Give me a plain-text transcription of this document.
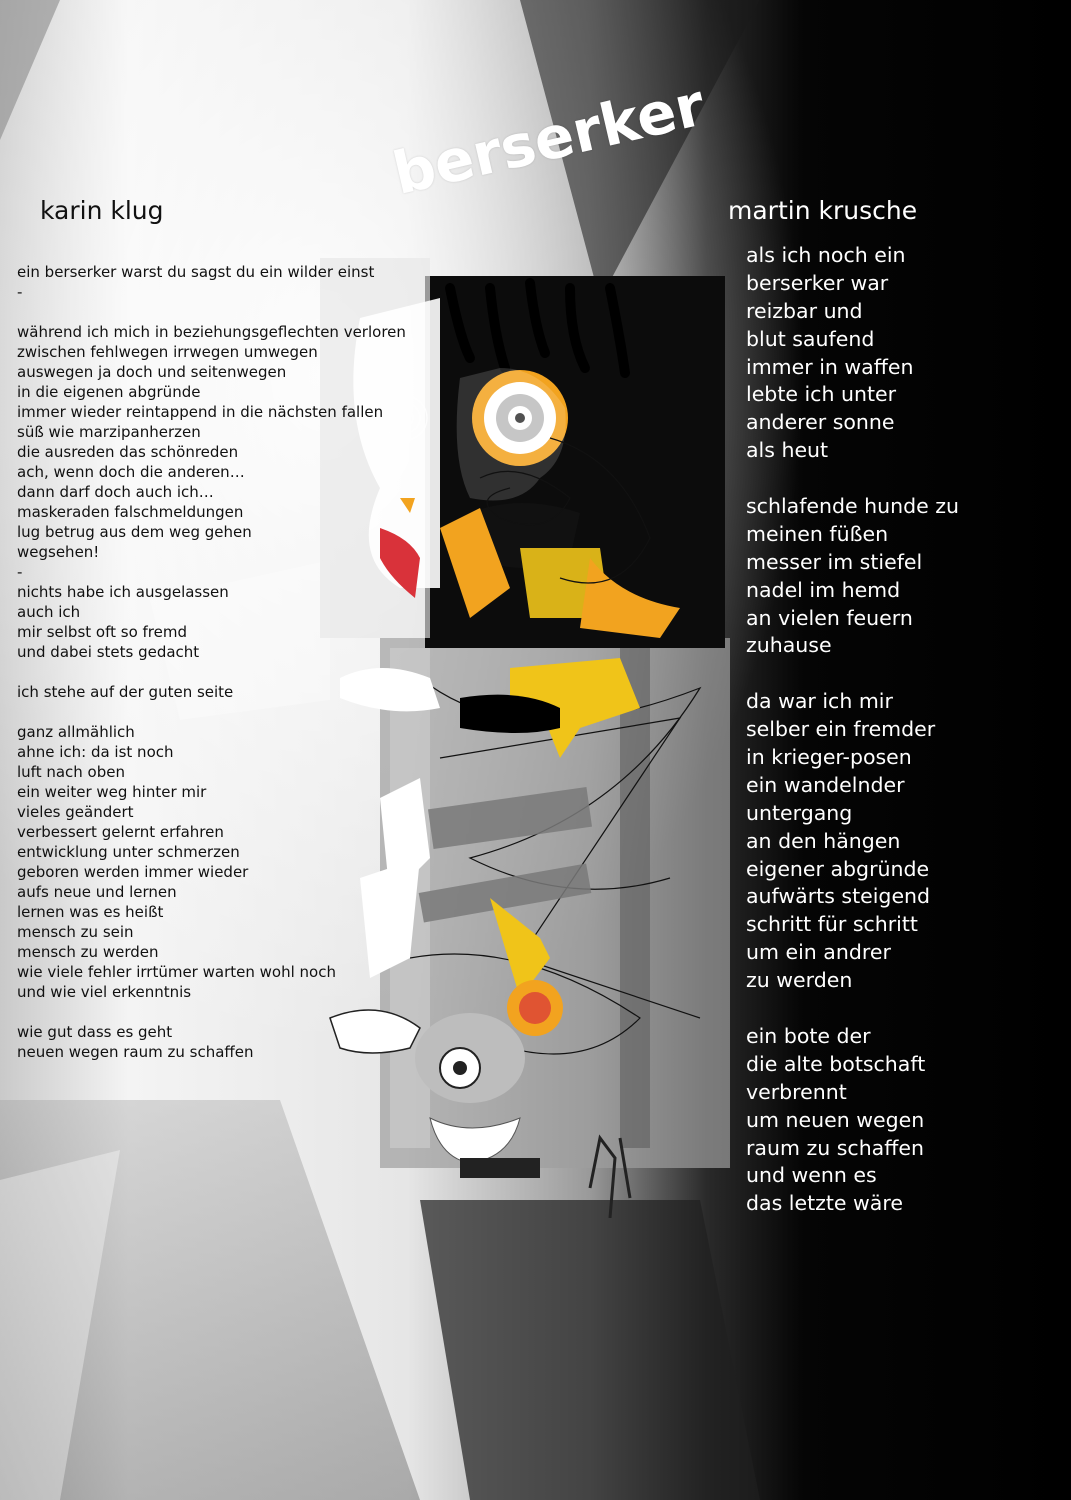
karin klug
berserker
martin krusche
ein berserker warst du sagst du ein wilder einst
-

während ich mich in beziehungsgeflechten verloren
zwischen fehlwegen irrwegen umwegen
auswegen ja doch und seitenwegen
in die eigenen abgründe
immer wieder reintappend in die nächsten fallen
süß wie marzipanherzen
die ausreden das schönreden
ach, wenn doch die anderen…
dann darf doch auch ich…
maskeraden falschmeldungen
lug betrug aus dem weg gehen
wegsehen!
-
nichts habe ich ausgelassen
auch ich
mir selbst oft so fremd
und dabei stets gedacht

ich stehe auf der guten seite

ganz allmählich
ahne ich: da ist noch
luft nach oben
ein weiter weg hinter mir
vieles geändert
verbessert gelernt erfahren
entwicklung unter schmerzen
geboren werden immer wieder
aufs neue und lernen
lernen was es heißt
mensch zu sein
mensch zu werden
wie viele fehler irrtümer warten wohl noch
und wie viel erkenntnis

wie gut dass es geht
neuen wegen raum zu schaffen
als ich noch ein
berserker war
reizbar und
blut saufend
immer in waffen
lebte ich unter
anderer sonne
als heut

schlafende hunde zu
meinen füßen
messer im stiefel
nadel im hemd
an vielen feuern
zuhause

da war ich mir
selber ein fremder
in krieger-posen
ein wandelnder
untergang
an den hängen
eigener abgründe
aufwärts steigend
schritt für schritt
um ein andrer
zu werden

ein bote der
die alte botschaft
verbrennt
um neuen wegen
raum zu schaffen
und wenn es
das letzte wäre
